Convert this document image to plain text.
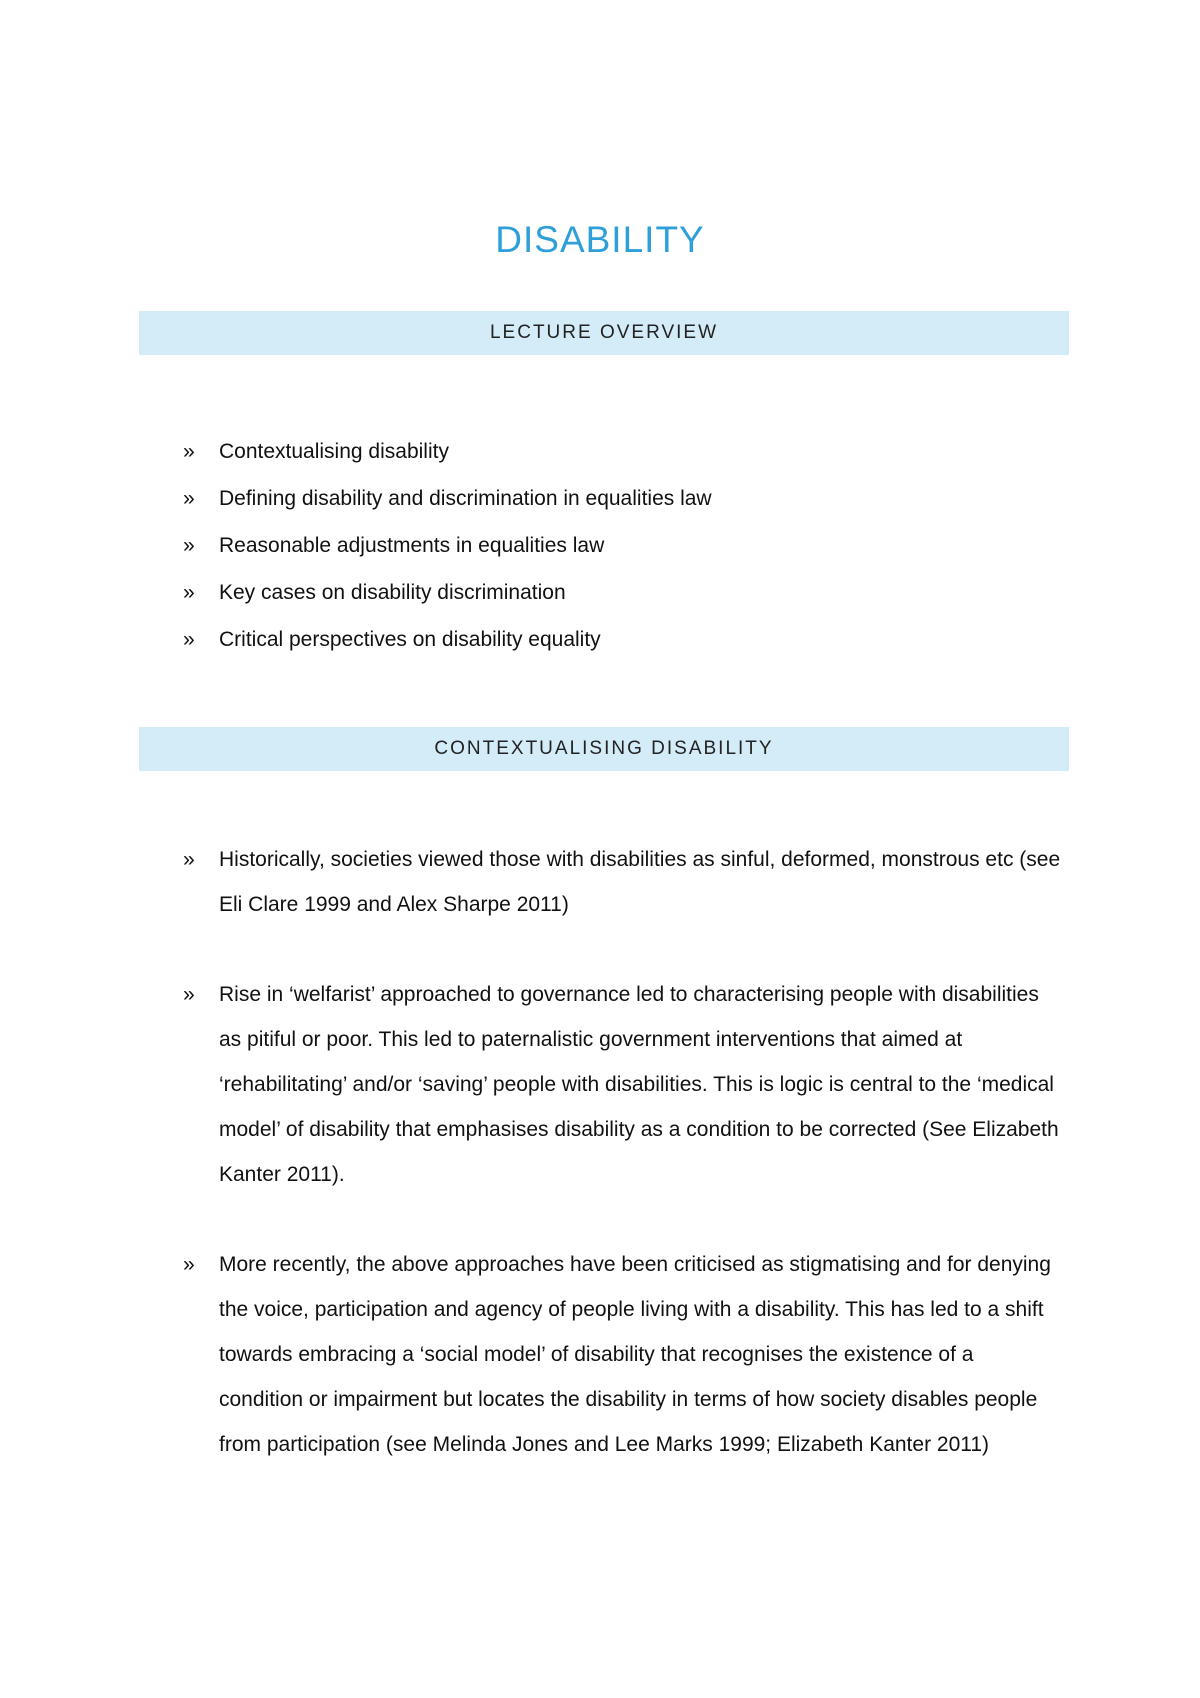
DISABILITY
LECTURE OVERVIEW
» Contextualising disability
» Defining disability and discrimination in equalities law
» Reasonable adjustments in equalities law
» Key cases on disability discrimination
» Critical perspectives on disability equality
CONTEXTUALISING DISABILITY
» Historically, societies viewed those with disabilities as sinful, deformed, monstrous etc (see Eli Clare 1999 and Alex Sharpe 2011)
» Rise in ‘welfarist’ approached to governance led to characterising people with disabilities as pitiful or poor. This led to paternalistic government interventions that aimed at ‘rehabilitating’ and/or ‘saving’ people with disabilities. This is logic is central to the ‘medical model’ of disability that emphasises disability as a condition to be corrected (See Elizabeth Kanter 2011).
» More recently, the above approaches have been criticised as stigmatising and for denying the voice, participation and agency of people living with a disability. This has led to a shift towards embracing a ‘social model’ of disability that recognises the existence of a condition or impairment but locates the disability in terms of how society disables people from participation (see Melinda Jones and Lee Marks 1999; Elizabeth Kanter 2011)
